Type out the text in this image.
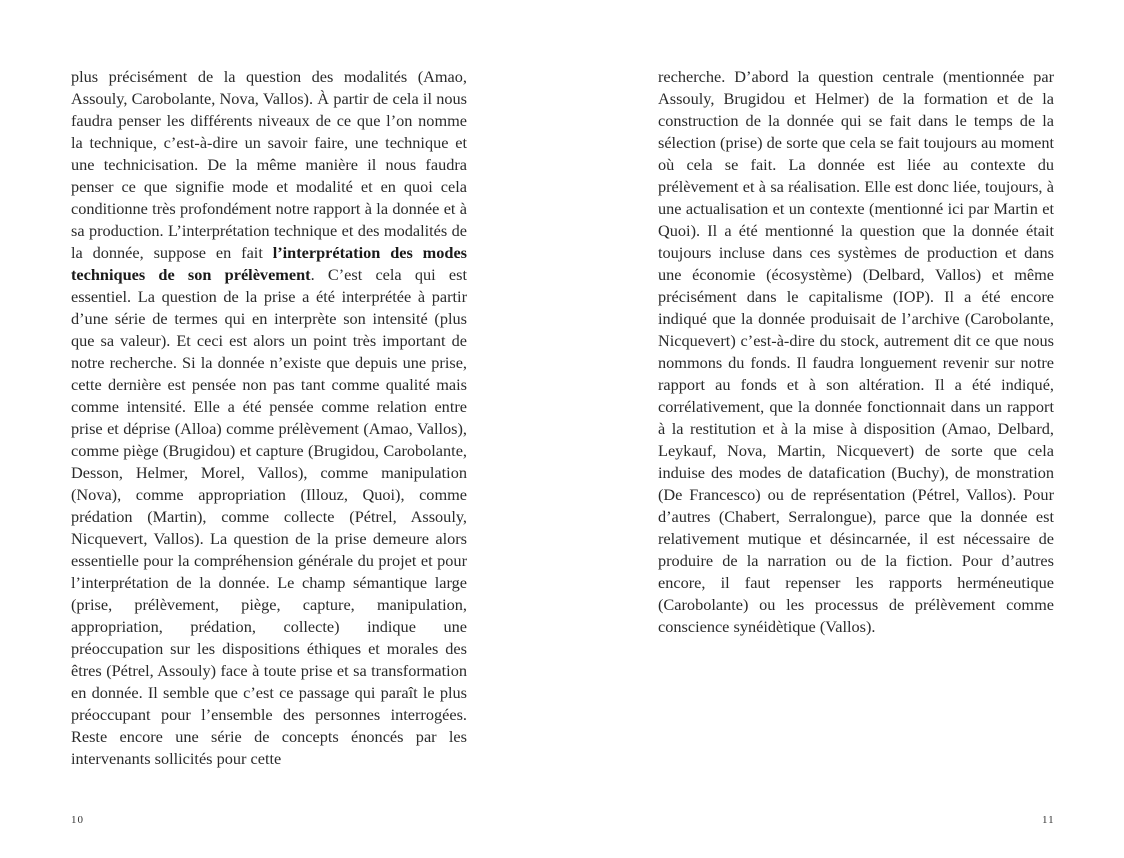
plus précisément de la question des modalités (Amao, Assouly, Carobolante, Nova, Vallos). À partir de cela il nous faudra penser les différents niveaux de ce que l’on nomme la technique, c’est-à-dire un savoir faire, une technique et une technicisation. De la même manière il nous faudra penser ce que signifie mode et modalité et en quoi cela conditionne très profondément notre rapport à la donnée et à sa production. L’interprétation technique et des modalités de la donnée, suppose en fait l’interprétation des modes techniques de son prélèvement. C’est cela qui est essentiel. La question de la prise a été interprétée à partir d’une série de termes qui en interprète son intensité (plus que sa valeur). Et ceci est alors un point très important de notre recherche. Si la donnée n’existe que depuis une prise, cette dernière est pensée non pas tant comme qualité mais comme intensité. Elle a été pensée comme relation entre prise et déprise (Alloa) comme prélèvement (Amao, Vallos), comme piège (Brugidou) et capture (Brugidou, Carobolante, Desson, Helmer, Morel, Vallos), comme manipulation (Nova), comme appropriation (Illouz, Quoi), comme prédation (Martin), comme collecte (Pétrel, Assouly, Nicquevert, Vallos). La question de la prise demeure alors essentielle pour la compréhension générale du projet et pour l’interprétation de la donnée. Le champ sémantique large (prise, prélèvement, piège, capture, manipulation, appropriation, prédation, collecte) indique une préoccupation sur les dispositions éthiques et morales des êtres (Pétrel, Assouly) face à toute prise et sa transformation en donnée. Il semble que c’est ce passage qui paraît le plus préoccupant pour l’ensemble des personnes interrogées. Reste encore une série de concepts énoncés par les intervenants sollicités pour cette

10

recherche. D’abord la question centrale (mentionnée par Assouly, Brugidou et Helmer) de la formation et de la construction de la donnée qui se fait dans le temps de la sélection (prise) de sorte que cela se fait toujours au moment où cela se fait. La donnée est liée au contexte du prélèvement et à sa réalisation. Elle est donc liée, toujours, à une actualisation et un contexte (mentionné ici par Martin et Quoi). Il a été mentionné la question que la donnée était toujours incluse dans ces systèmes de production et dans une économie (écosystème) (Delbard, Vallos) et même précisément dans le capitalisme (IOP). Il a été encore indiqué que la donnée produisait de l’archive (Carobolante, Nicquevert) c’est-à-dire du stock, autrement dit ce que nous nommons du fonds. Il faudra longuement revenir sur notre rapport au fonds et à son altération. Il a été indiqué, corrélativement, que la donnée fonctionnait dans un rapport à la restitution et à la mise à disposition (Amao, Delbard, Leykauf, Nova, Martin, Nicquevert) de sorte que cela induise des modes de datafication (Buchy), de monstration (De Francesco) ou de représentation (Pétrel, Vallos). Pour d’autres (Chabert, Serralongue), parce que la donnée est relativement mutique et désincarnée, il est nécessaire de produire de la narration ou de la fiction. Pour d’autres encore, il faut repenser les rapports herméneutique (Carobolante) ou les processus de prélèvement comme conscience synéidètique (Vallos).

11
